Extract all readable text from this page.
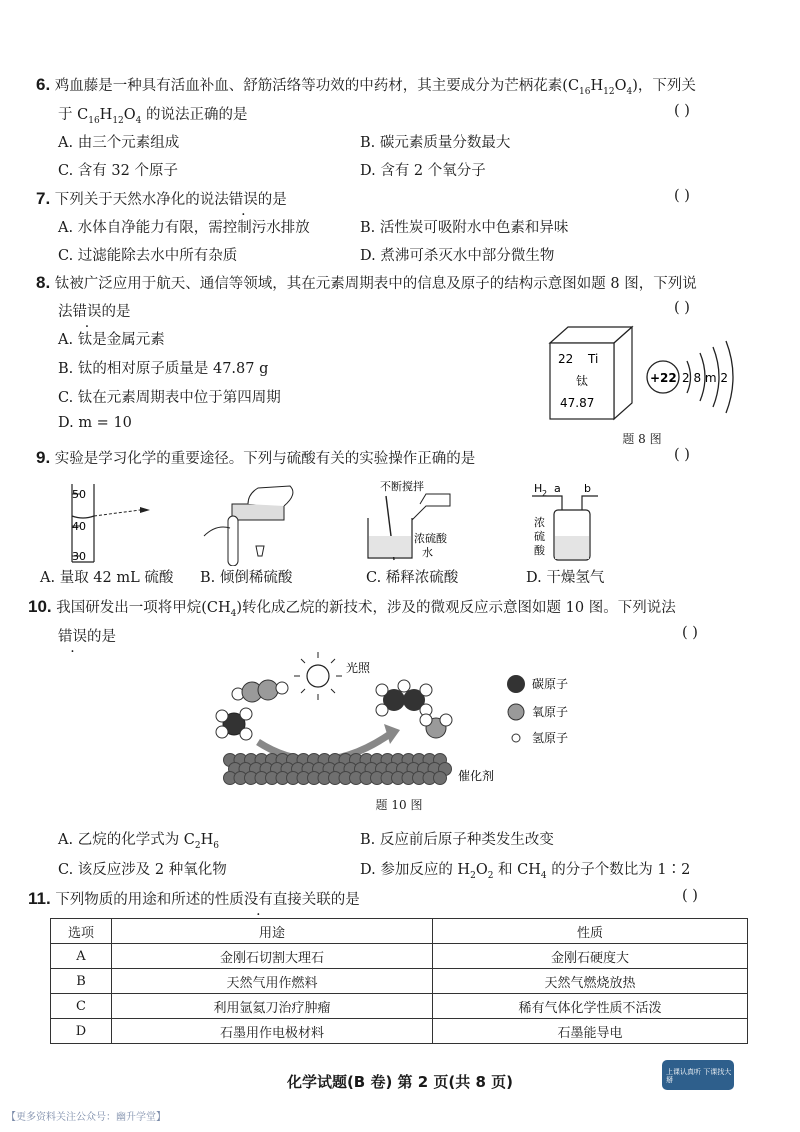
6. 鸡血藤是一种具有活血补血、舒筋活络等功效的中药材，其主要成分为芒柄花素$(C_{16}H_{12}O_4)$，下列关
于 $C_{16}H_{12}O_4$ 的说法正确的是	( )
A. 由三个元素组成	B. 碳元素质量分数最大
C. 含有 32 个原子	D. 含有 2 个氧分子
7. 下列关于天然水净化的说法错误的是	( )
A. 水体自净能力有限，需控制污水排放	B. 活性炭可吸附水中色素和异味
C. 过滤能除去水中所有杂质	D. 煮沸可杀灭水中部分微生物
8. 钛被广泛应用于航天、通信等领域，其在元素周期表中的信息及原子的结构示意图如题 8 图，下列说
法错误的是	( )
A. 钛是金属元素
B. 钛的相对原子质量是 47.87 g
C. 钛在元素周期表中位于第四周期
D. m = 10
22 Ti
钛
47.87
+22 2 8 m 2
题 8 图
9. 实验是学习化学的重要途径。下列与硫酸有关的实验操作正确的是	( )
50
40
30
A. 量取 42 mL 硫酸 B. 倾倒稀硫酸
不断搅拌
浓硫酸
水
C. 稀释浓硫酸
H 2 a b
浓
硫
酸
D. 干燥氢气
10. 我国研发出一项将甲烷$(CH_4)$转化成乙烷的新技术，涉及的微观反应示意图如题 10 图。下列说法
错误的是	( )
光照
催化剂
碳原子
氧原子
氢原子
题 10 图
A. 乙烷的化学式为 $C_2H_6$	B. 反应前后原子种类发生改变
C. 该反应涉及 2 种氧化物	D. 参加反应的 $H_2O_2$ 和 $CH_4$ 的分子个数比为 1∶2
11. 下列物质的用途和所述的性质没有直接关联的是	( )
选项	用途	性质
A	金刚石切割大理石	金刚石硬度大
B	天然气用作燃料	天然气燃烧放热
C	利用氩氦刀治疗肿瘤	稀有气体化学性质不活泼
D	石墨用作电极材料	石墨能导电
化学试题(B 卷) 第 2 页(共 8 页)
上课认真听 下课找大掰
【更多资料关注公众号：幽升学堂】
